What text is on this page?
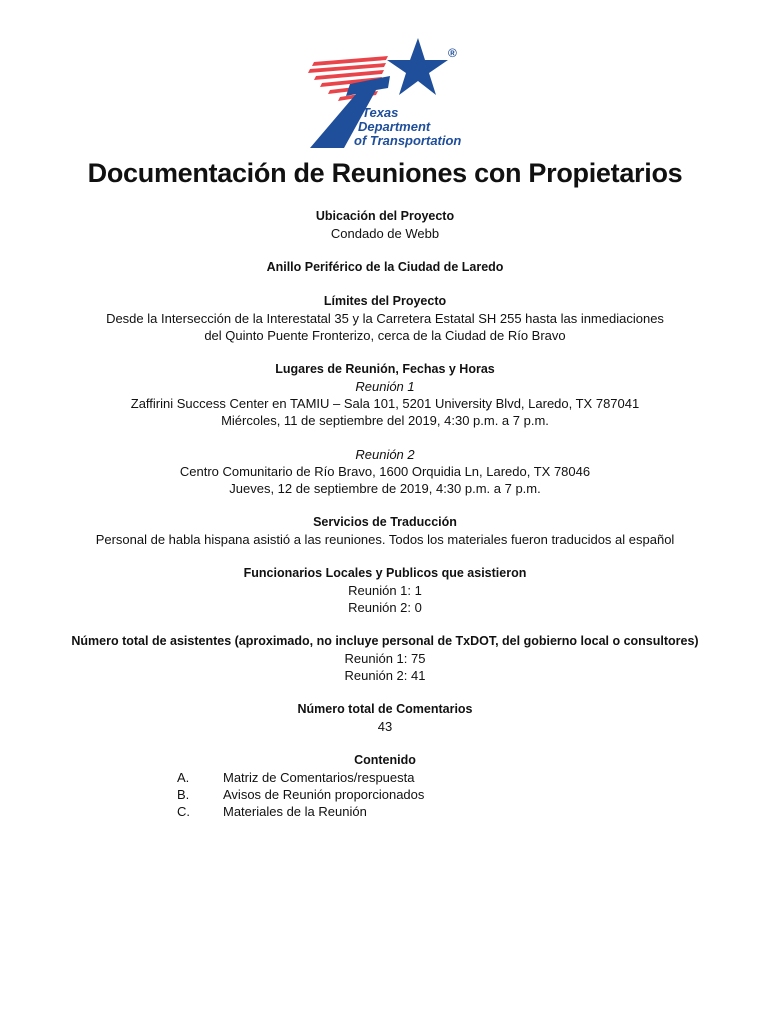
Texas
Department
of Transportation
®
Documentación de Reuniones con Propietarios
Ubicación del Proyecto
Condado de Webb
Anillo Periférico de la Ciudad de Laredo
Límites del Proyecto
Desde la Intersección de la Interestatal 35 y la Carretera Estatal SH 255 hasta las inmediaciones
del Quinto Puente Fronterizo, cerca de la Ciudad de Río Bravo
Lugares de Reunión, Fechas y Horas
Reunión 1
Zaffirini Success Center en TAMIU – Sala 101, 5201 University Blvd, Laredo, TX 787041
Miércoles, 11 de septiembre del 2019, 4:30 p.m. a 7 p.m.
Reunión 2
Centro Comunitario de Río Bravo, 1600 Orquidia Ln, Laredo, TX 78046
Jueves, 12 de septiembre de 2019, 4:30 p.m. a 7 p.m.
Servicios de Traducción
Personal de habla hispana asistió a las reuniones. Todos los materiales fueron traducidos al español
Funcionarios Locales y Publicos que asistieron
Reunión 1: 1
Reunión 2: 0
Número total de asistentes (aproximado, no incluye personal de TxDOT, del gobierno local o consultores)
Reunión 1: 75
Reunión 2: 41
Número total de Comentarios
43
Contenido
A.	Matriz de Comentarios/respuesta
B.	Avisos de Reunión proporcionados
C.	Materiales de la Reunión
